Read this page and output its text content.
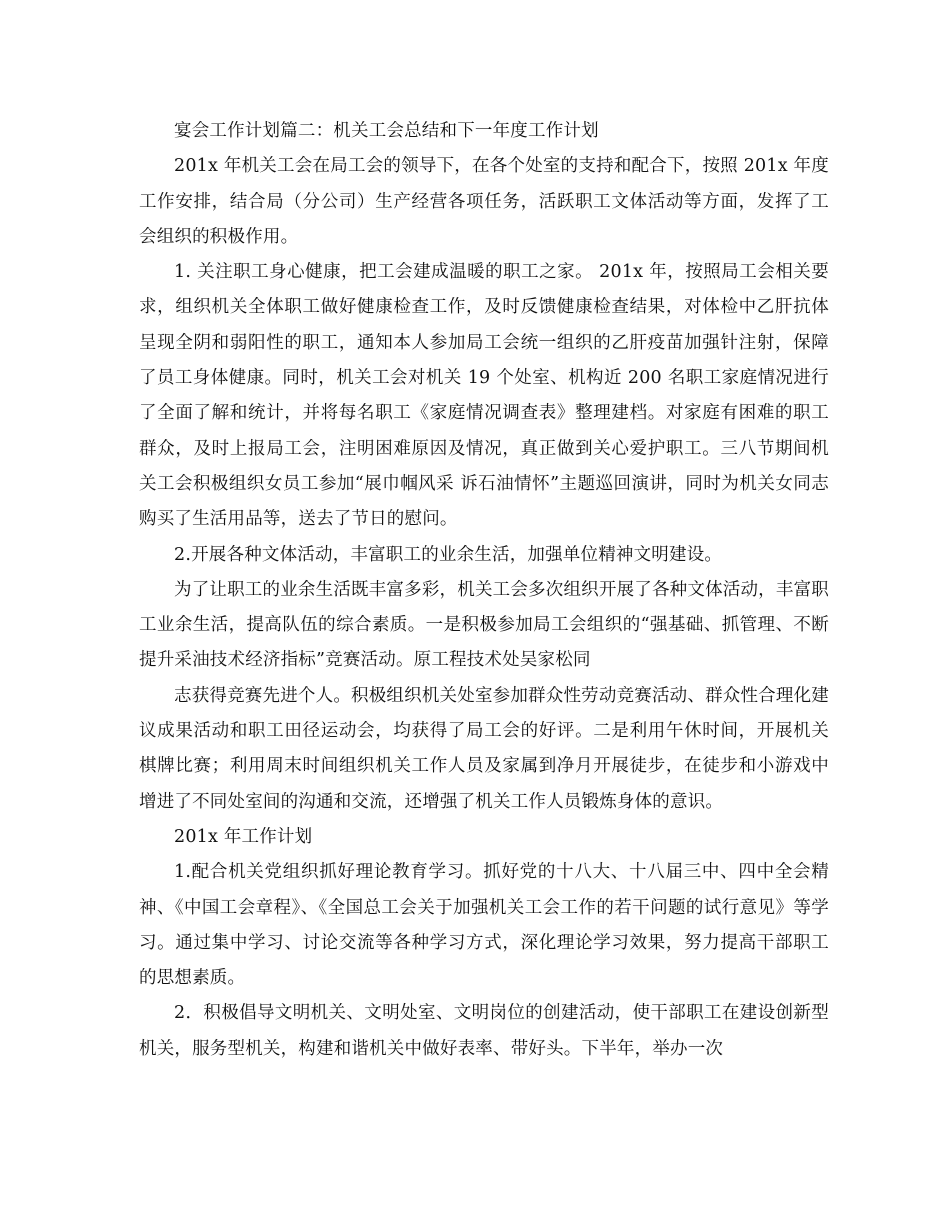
宴会工作计划篇二：机关工会总结和下一年度工作计划

201x 年机关工会在局工会的领导下，在各个处室的支持和配合下，按照 201x 年度工作安排，结合局（分公司）生产经营各项任务，活跃职工文体活动等方面，发挥了工会组织的积极作用。

1. 关注职工身心健康，把工会建成温暖的职工之家。 201x 年，按照局工会相关要求，组织机关全体职工做好健康检查工作，及时反馈健康检查结果，对体检中乙肝抗体呈现全阴和弱阳性的职工，通知本人参加局工会统一组织的乙肝疫苗加强针注射，保障了员工身体健康。同时，机关工会对机关 19 个处室、机构近 200 名职工家庭情况进行了全面了解和统计，并将每名职工《家庭情况调查表》整理建档。对家庭有困难的职工群众，及时上报局工会，注明困难原因及情况，真正做到关心爱护职工。三八节期间机关工会积极组织女员工参加“展巾帼风采 诉石油情怀”主题巡回演讲，同时为机关女同志购买了生活用品等，送去了节日的慰问。

2.开展各种文体活动，丰富职工的业余生活，加强单位精神文明建设。

为了让职工的业余生活既丰富多彩，机关工会多次组织开展了各种文体活动，丰富职工业余生活，提高队伍的综合素质。一是积极参加局工会组织的“强基础、抓管理、不断提升采油技术经济指标”竞赛活动。原工程技术处吴家松同

志获得竞赛先进个人。积极组织机关处室参加群众性劳动竞赛活动、群众性合理化建议成果活动和职工田径运动会，均获得了局工会的好评。二是利用午休时间，开展机关棋牌比赛；利用周末时间组织机关工作人员及家属到净月开展徒步，在徒步和小游戏中增进了不同处室间的沟通和交流，还增强了机关工作人员锻炼身体的意识。

201x 年工作计划

1.配合机关党组织抓好理论教育学习。抓好党的十八大、十八届三中、四中全会精神、《中国工会章程》、《全国总工会关于加强机关工会工作的若干问题的试行意见》等学习。通过集中学习、讨论交流等各种学习方式，深化理论学习效果，努力提高干部职工的思想素质。

2．积极倡导文明机关、文明处室、文明岗位的创建活动，使干部职工在建设创新型机关，服务型机关，构建和谐机关中做好表率、带好头。下半年，举办一次
